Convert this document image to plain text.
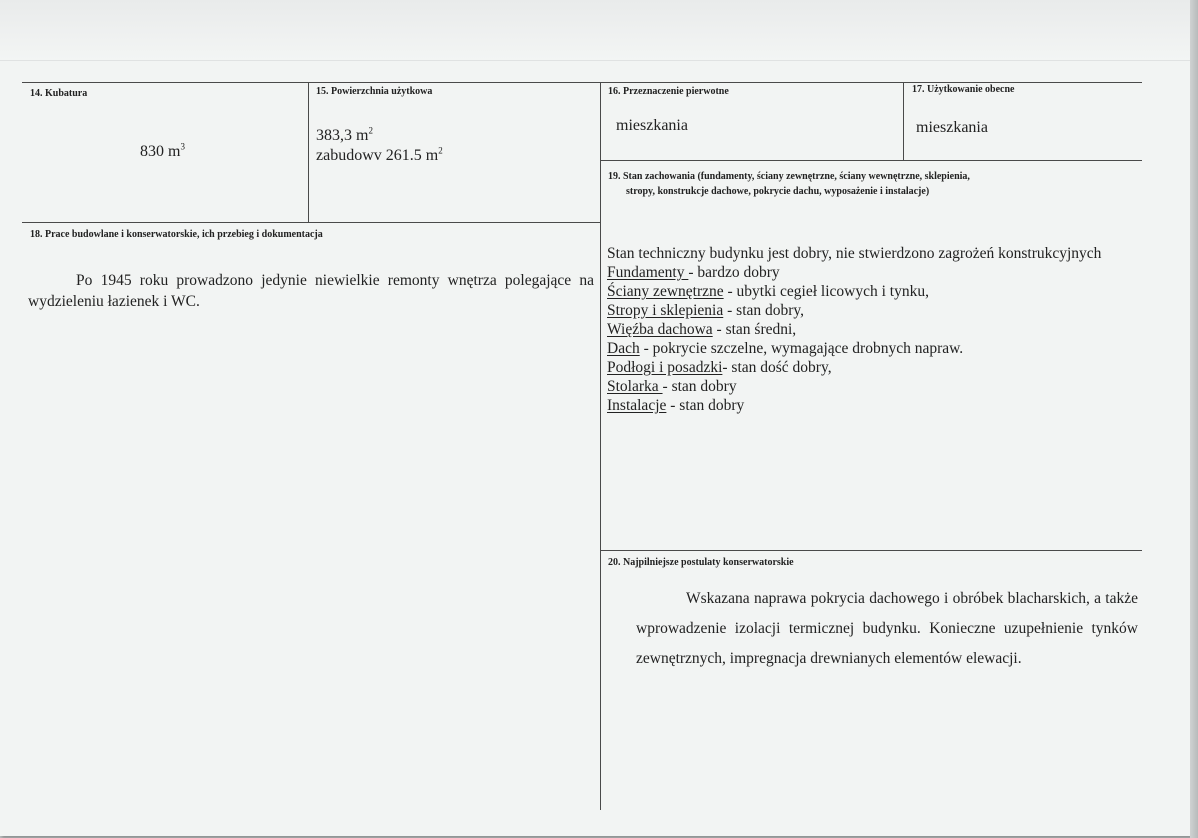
14. Kubatura
830 $m^3$
15. Powierzchnia użytkowa
383,3 $m^2$
zabudowv 261.5 $m^2$
16. Przeznaczenie pierwotne
mieszkania
17. Użytkowanie obecne
mieszkania
18. Prace budowlane i konserwatorskie, ich przebieg i dokumentacja
Po 1945 roku prowadzono jedynie niewielkie remonty wnętrza polegające na wydzieleniu łazienek i WC.
19. Stan zachowania (fundamenty, ściany zewnętrzne, ściany wewnętrzne, sklepienia,
stropy, konstrukcje dachowe, pokrycie dachu, wyposażenie i instalacje)
Stan techniczny budynku jest dobry, nie stwierdzono zagrożeń konstrukcyjnych
Fundamenty - bardzo dobry
Ściany zewnętrzne - ubytki cegieł licowych i tynku,
Stropy i sklepienia - stan dobry,
Więźba dachowa - stan średni,
Dach - pokrycie szczelne, wymagające drobnych napraw.
Podłogi i posadzki- stan dość dobry,
Stolarka - stan dobry
Instalacje - stan dobry
20. Najpilniejsze postulaty konserwatorskie
Wskazana naprawa pokrycia dachowego i obróbek blacharskich, a także wprowadzenie izolacji termicznej budynku. Konieczne uzupełnienie tynków zewnętrznych, impregnacja drewnianych elementów elewacji.
